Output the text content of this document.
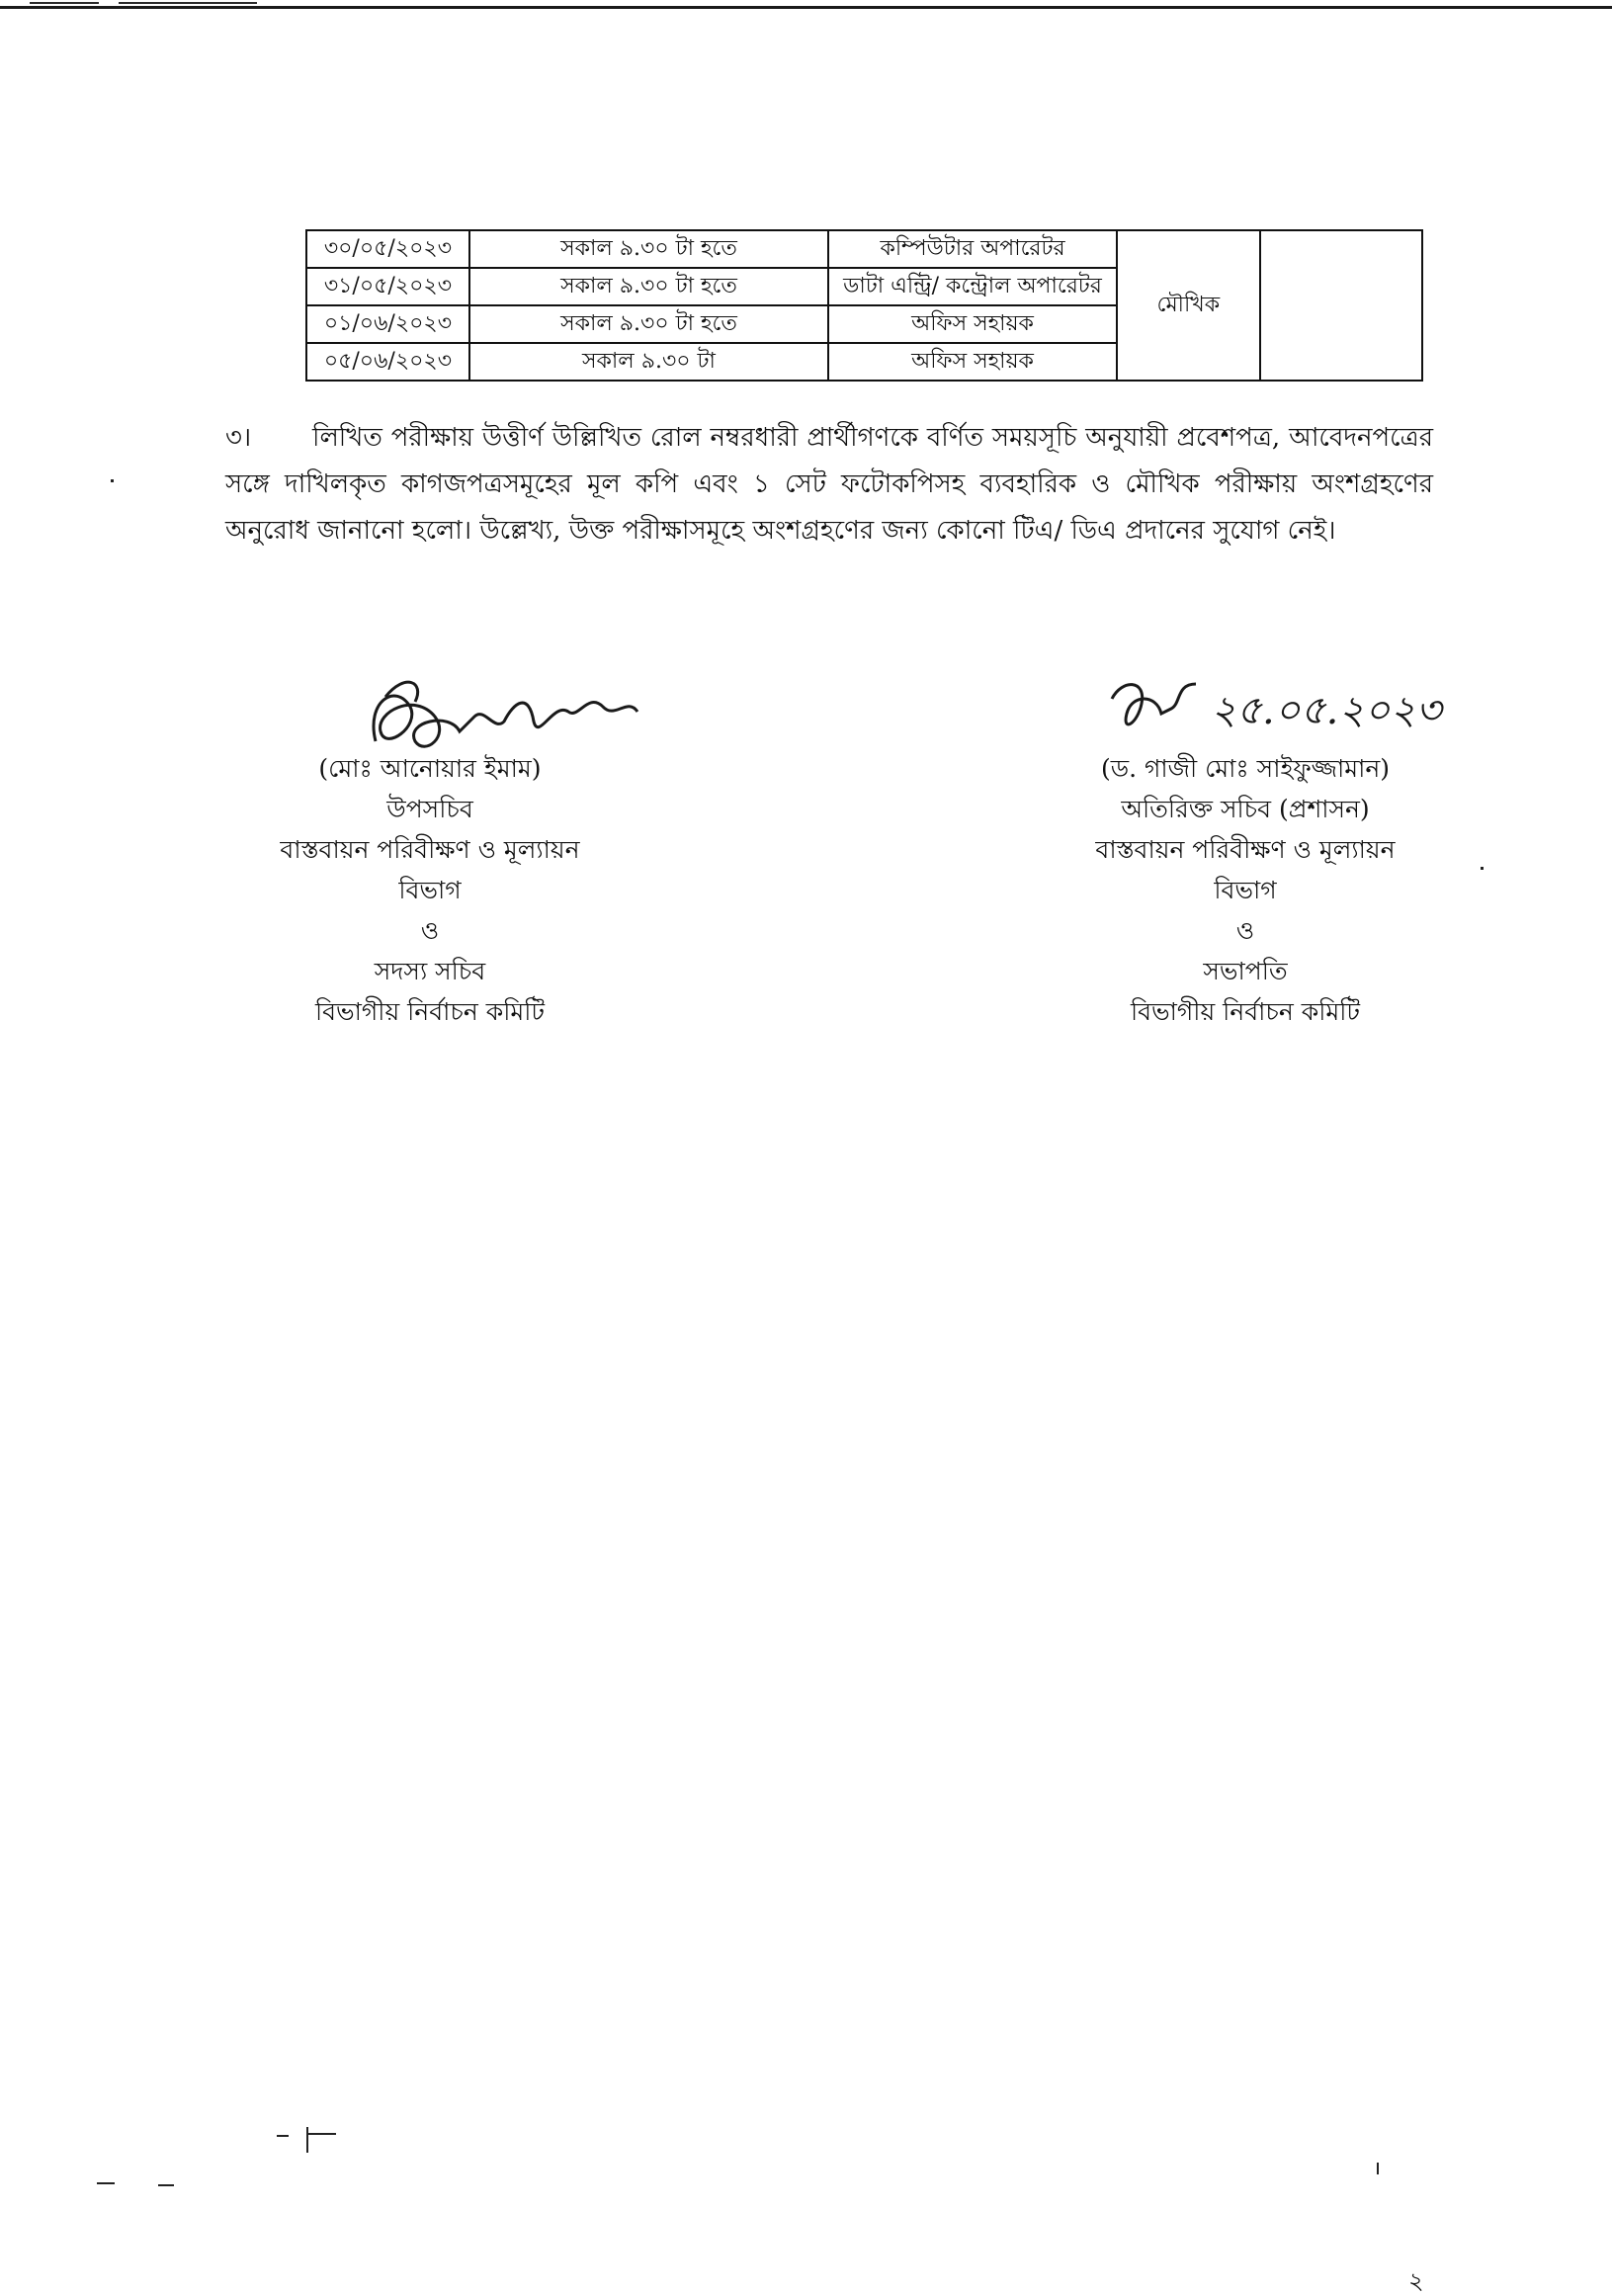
৩০/০৫/২০২৩	সকাল ৯.৩০ টা হতে	কম্পিউটার অপারেটর	মৌখিক	
৩১/০৫/২০২৩	সকাল ৯.৩০ টা হতে	ডাটা এন্ট্রি/ কন্ট্রোল অপারেটর		
০১/০৬/২০২৩	সকাল ৯.৩০ টা হতে	অফিস সহায়ক		
০৫/০৬/২০২৩	সকাল ৯.৩০ টা	অফিস সহায়ক		
৩। লিখিত পরীক্ষায় উত্তীর্ণ উল্লিখিত রোল নম্বরধারী প্রার্থীগণকে বর্ণিত সময়সূচি অনুযায়ী প্রবেশপত্র, আবেদনপত্রের সঙ্গে দাখিলকৃত কাগজপত্রসমূহের মূল কপি এবং ১ সেট ফটোকপিসহ ব্যবহারিক ও মৌখিক পরীক্ষায় অংশগ্রহণের অনুরোধ জানানো হলো। উল্লেখ্য, উক্ত পরীক্ষাসমূহে অংশগ্রহণের জন্য কোনো টিএ/ ডিএ প্রদানের সুযোগ নেই।
২৫.০৫.২০২৩
(মোঃ আনোয়ার ইমাম)
উপসচিব
বাস্তবায়ন পরিবীক্ষণ ও মূল্যায়ন
বিভাগ
ও
সদস্য সচিব
বিভাগীয় নির্বাচন কমিটি
(ড. গাজী মোঃ সাইফুজ্জামান)
অতিরিক্ত সচিব (প্রশাসন)
বাস্তবায়ন পরিবীক্ষণ ও মূল্যায়ন
বিভাগ
ও
সভাপতি
বিভাগীয় নির্বাচন কমিটি
২
